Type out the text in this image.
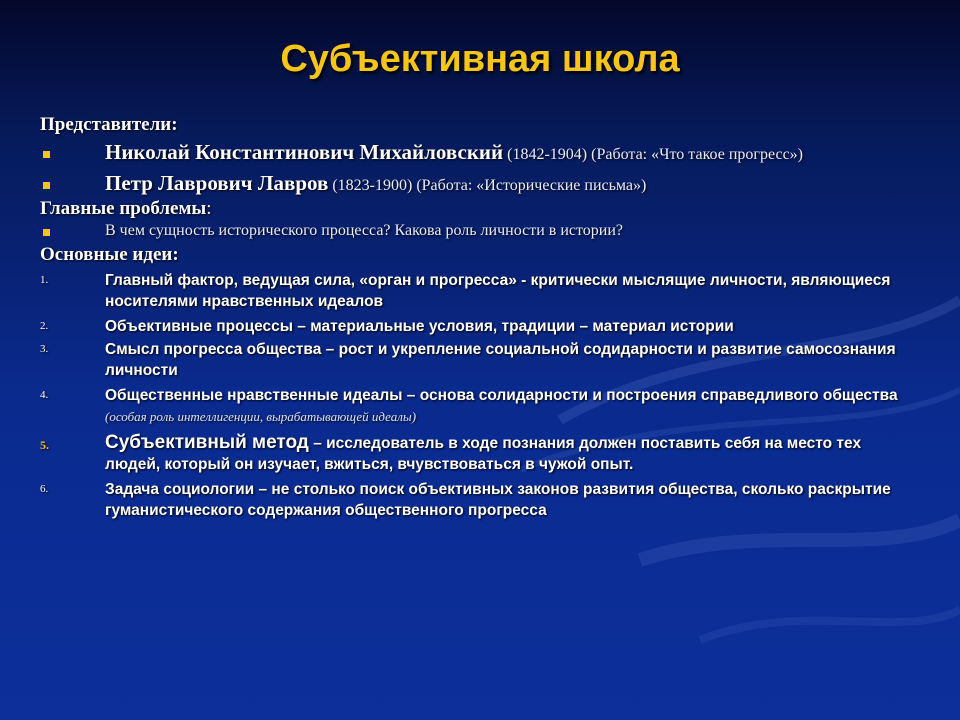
Субъективная школа
Представители:
Николай Константинович Михайловский (1842-1904) (Работа: «Что такое прогресс»)
Петр Лаврович Лавров (1823-1900) (Работа: «Исторические письма»)
Главные проблемы:
В чем сущность исторического процесса? Какова роль личности в истории?
Основные идеи:
1.	Главный фактор, ведущая сила, «орган и прогресса» - критически мыслящие личности, являющиеся носителями нравственных идеалов
2.	Объективные процессы – материальные условия, традиции – материал истории
3.	Смысл прогресса общества – рост и укрепление социальной содидарности и развитие самосознания личности
4.	Общественные нравственные идеалы – основа солидарности и построения справедливого общества (особая роль интеллигенции, вырабатывающей идеалы)
5.	Субъективный метод – исследователь в ходе познания должен поставить себя на место тех людей, который он изучает, вжиться, вчувствоваться в чужой опыт.
6.	Задача социологии – не столько поиск объективных законов развития общества, сколько раскрытие гуманистического содержания общественного прогресса
